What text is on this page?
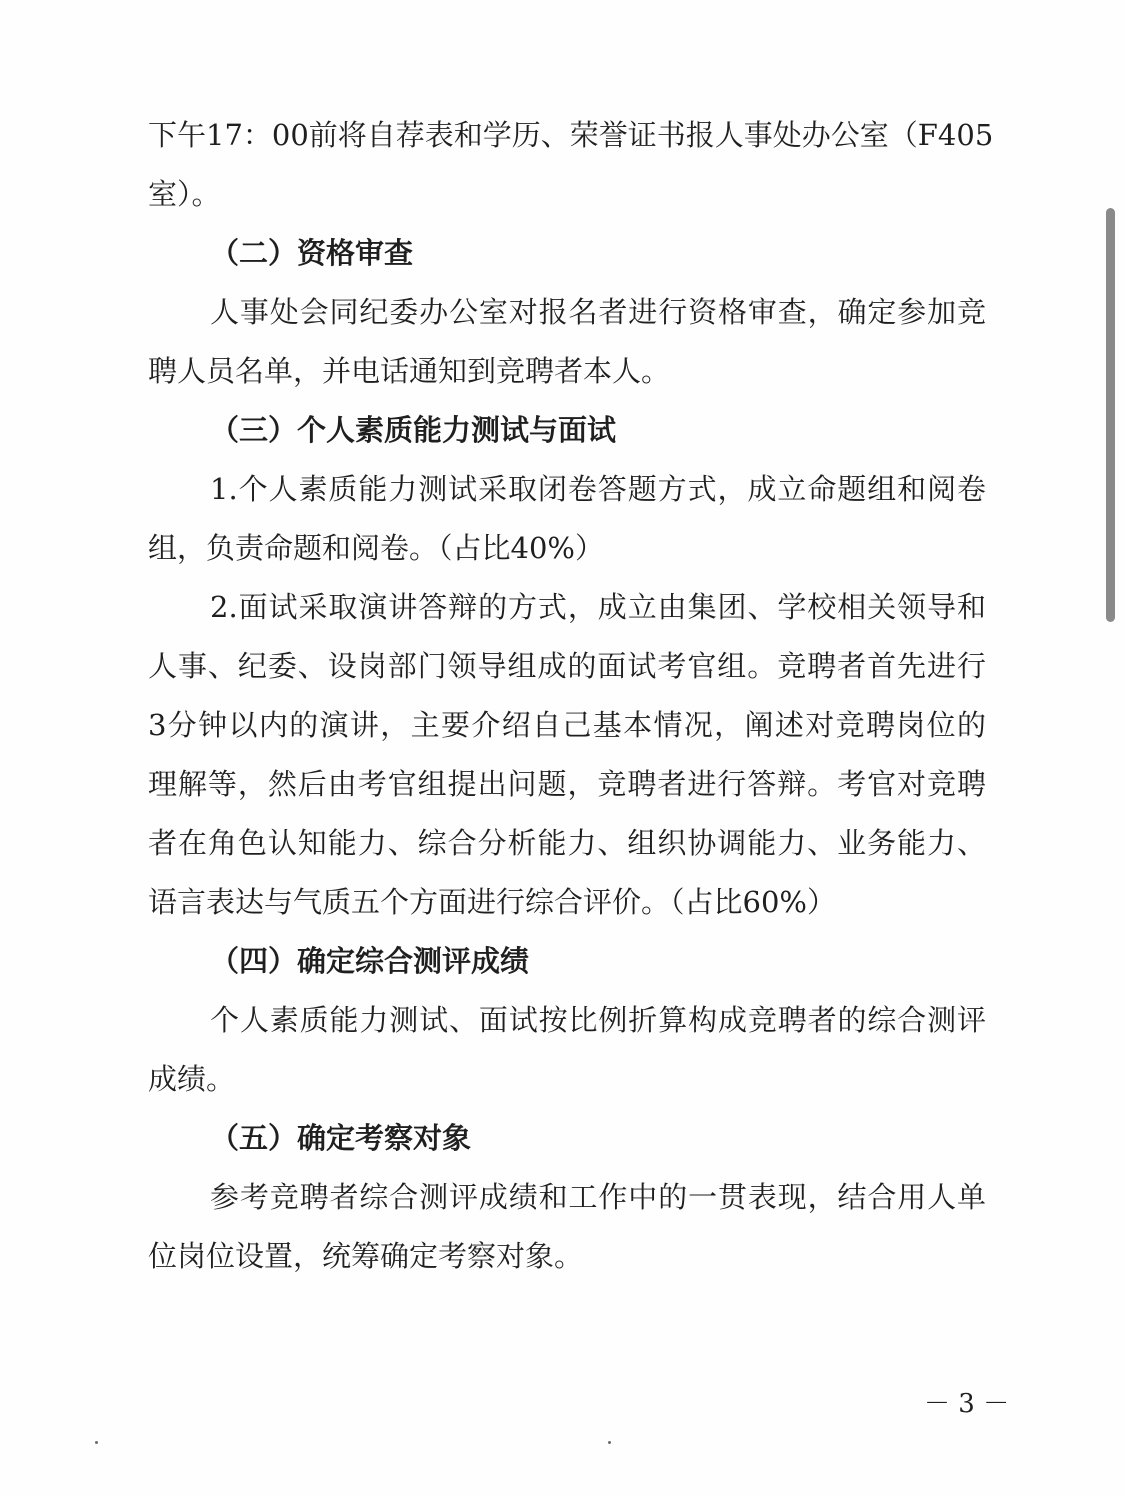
下午17：00前将自荐表和学历、荣誉证书报人事处办公室（F405
室）。
（二）资格审查
人事处会同纪委办公室对报名者进行资格审查，确定参加竞
聘人员名单，并电话通知到竞聘者本人。
（三）个人素质能力测试与面试
1.个人素质能力测试采取闭卷答题方式，成立命题组和阅卷
组，负责命题和阅卷。（占比40%）
2.面试采取演讲答辩的方式，成立由集团、学校相关领导和
人事、纪委、设岗部门领导组成的面试考官组。竞聘者首先进行
3分钟以内的演讲，主要介绍自己基本情况，阐述对竞聘岗位的
理解等，然后由考官组提出问题，竞聘者进行答辩。考官对竞聘
者在角色认知能力、综合分析能力、组织协调能力、业务能力、
语言表达与气质五个方面进行综合评价。（占比60%）
（四）确定综合测评成绩
个人素质能力测试、面试按比例折算构成竞聘者的综合测评
成绩。
（五）确定考察对象
参考竞聘者综合测评成绩和工作中的一贯表现，结合用人单
位岗位设置，统筹确定考察对象。
－ 3 －
